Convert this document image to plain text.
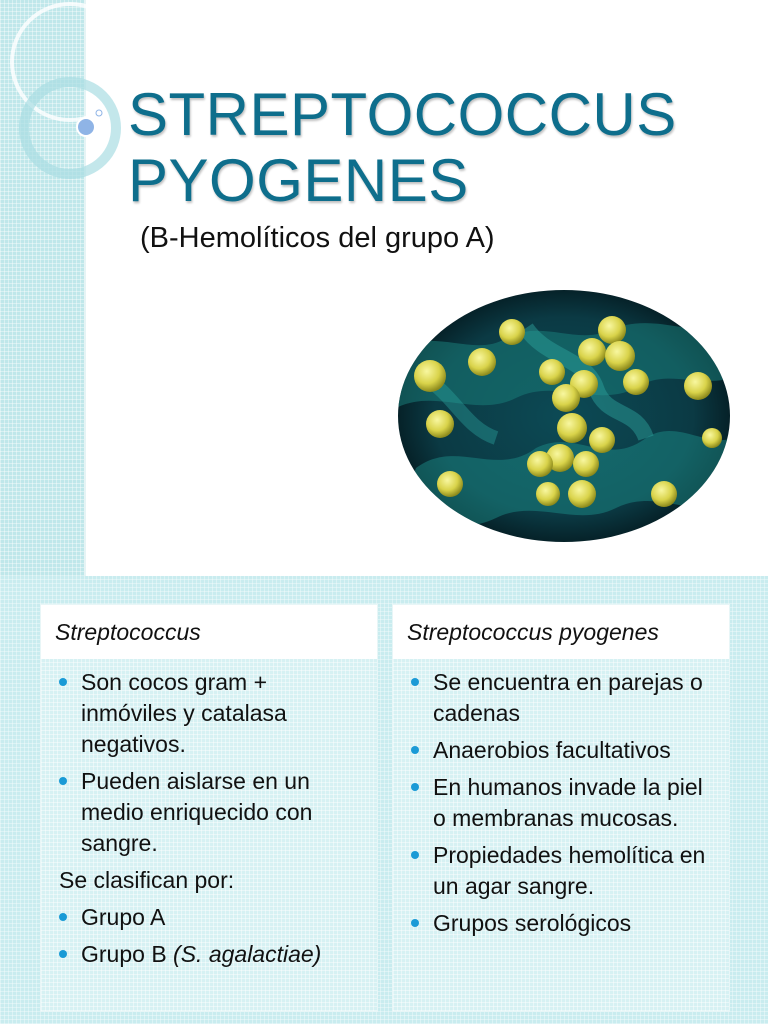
STREPTOCOCCUS
PYOGENES

(B-Hemolíticos del grupo A)

Streptococcus
Son cocos gram + inmóviles y catalasa negativos.
Pueden aislarse en un medio enriquecido con sangre.
Se clasifican por:
Grupo A
Grupo B (S. agalactiae)
Streptococcus pyogenes
Se encuentra en parejas o cadenas
Anaerobios facultativos
En humanos invade la piel o membranas mucosas.
Propiedades hemolítica en un agar sangre.
Grupos serológicos
